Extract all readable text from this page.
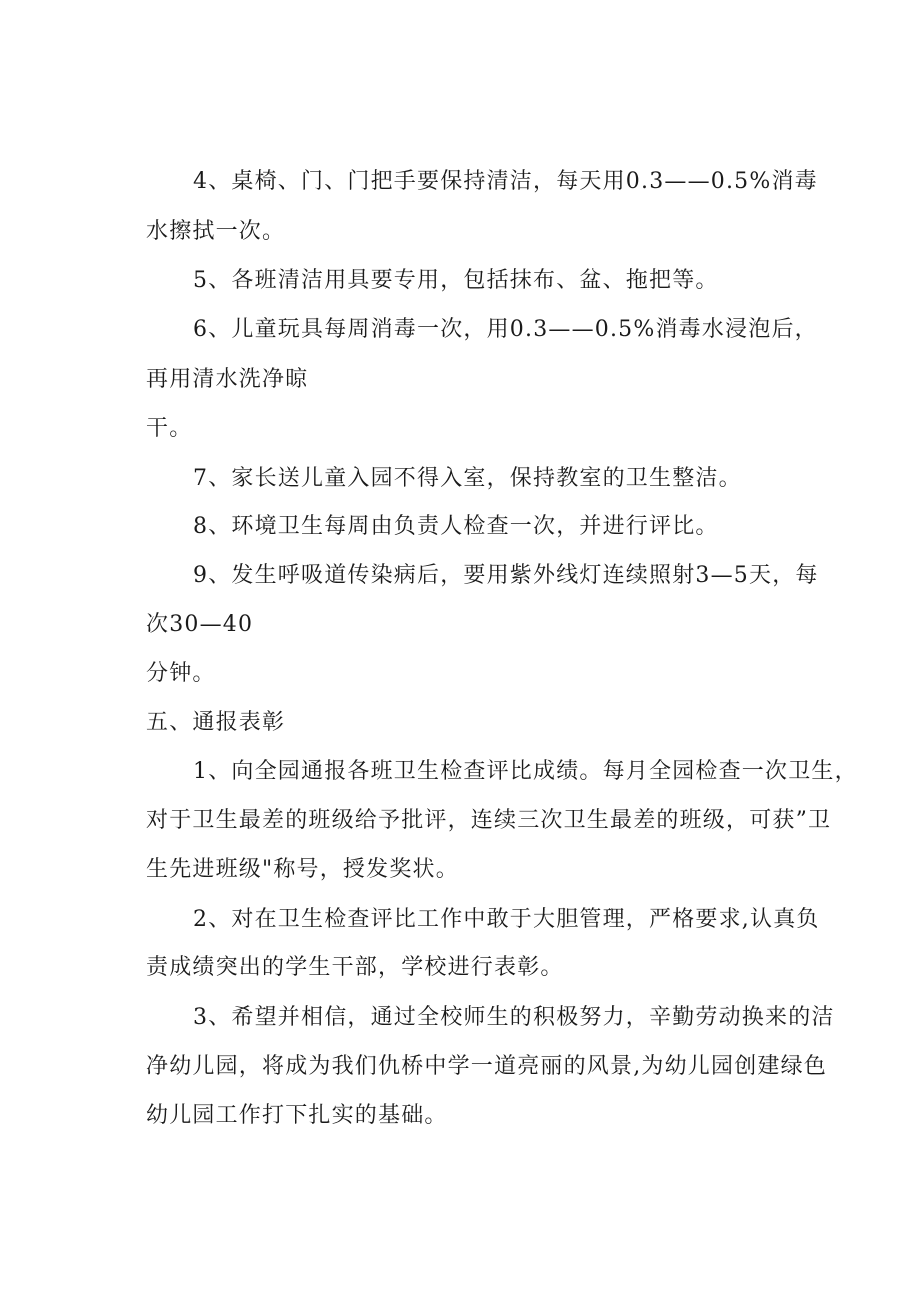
4、桌椅、门、门把手要保持清洁，每天用0.3——0.5%消毒
水擦拭一次。
5、各班清洁用具要专用，包括抹布、盆、拖把等。
6、儿童玩具每周消毒一次，用0.3——0.5%消毒水浸泡后，
再用清水洗净晾
干。
7、家长送儿童入园不得入室，保持教室的卫生整洁。
8、环境卫生每周由负责人检查一次，并进行评比。
9、发生呼吸道传染病后，要用紫外线灯连续照射3—5天，每
次30—40
分钟。
五、通报表彰
1、向全园通报各班卫生检查评比成绩。每月全园检查一次卫生，
对于卫生最差的班级给予批评，连续三次卫生最差的班级，可获”卫
生先进班级"称号，授发奖状。
2、对在卫生检查评比工作中敢于大胆管理，严格要求,认真负
责成绩突出的学生干部，学校进行表彰。
3、希望并相信，通过全校师生的积极努力，辛勤劳动换来的洁
净幼儿园，将成为我们仇桥中学一道亮丽的风景,为幼儿园创建绿色
幼儿园工作打下扎实的基础。
